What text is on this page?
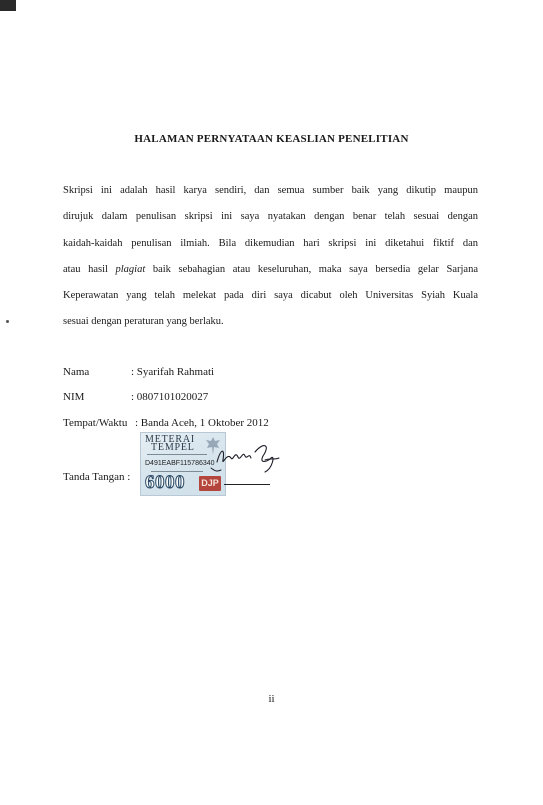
HALAMAN PERNYATAAN KEASLIAN PENELITIAN
Skripsi ini adalah hasil karya sendiri, dan semua sumber baik yang dikutip maupun
dirujuk dalam penulisan skripsi ini saya nyatakan dengan benar telah sesuai dengan
kaidah-kaidah penulisan ilmiah. Bila dikemudian hari skripsi ini diketahui fiktif dan
atau hasil plagiat baik sebahagian atau keseluruhan, maka saya bersedia gelar Sarjana
Keperawatan yang telah melekat pada diri saya dicabut oleh Universitas Syiah Kuala
sesuai dengan peraturan yang berlaku.
Nama	: Syarifah Rahmati
NIM	: 0807101020027
Tempat/Waktu : Banda Aceh, 1 Oktober 2012
METERAI
TEMPEL
D491EABF115786340
6000 DJP
Tanda Tangan :
ii
